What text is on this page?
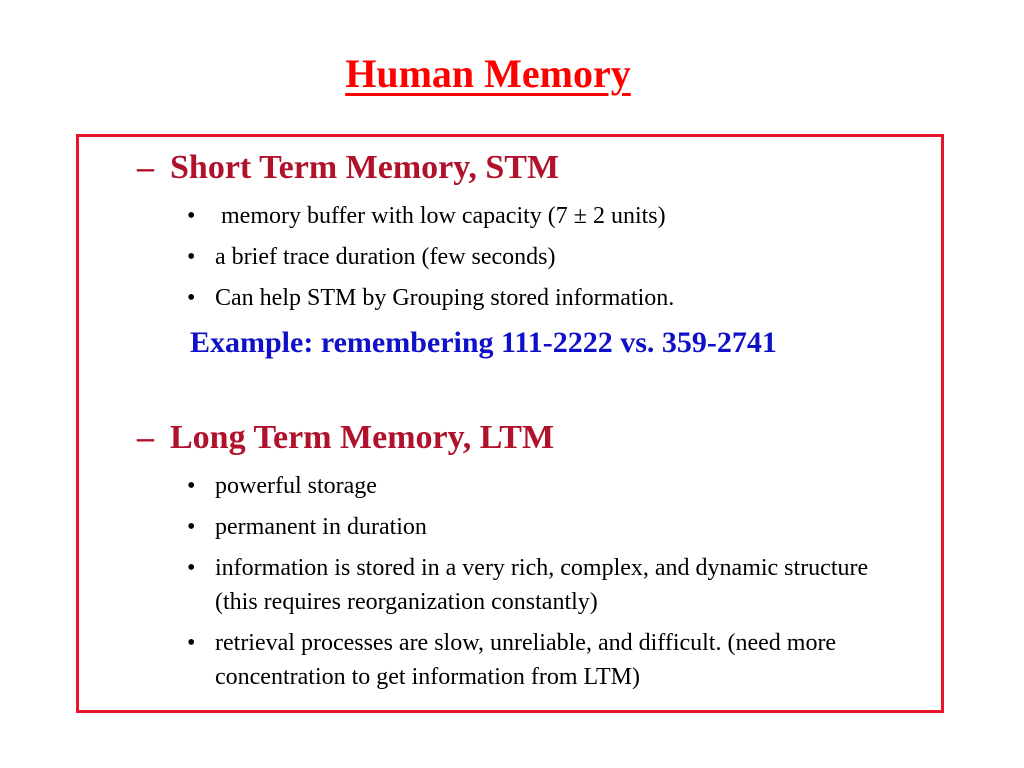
Human Memory
– Short Term Memory, STM
• memory buffer with low capacity (7 ± 2 units)
• a brief trace duration (few seconds)
• Can help STM by Grouping stored information.

Example: remembering 111-2222 vs. 359-2741

– Long Term Memory, LTM
• powerful storage
• permanent in duration
• information is stored in a very rich, complex, and dynamic structure (this requires reorganization constantly)
• retrieval processes are slow, unreliable, and difficult. (need more concentration to get information from LTM)
